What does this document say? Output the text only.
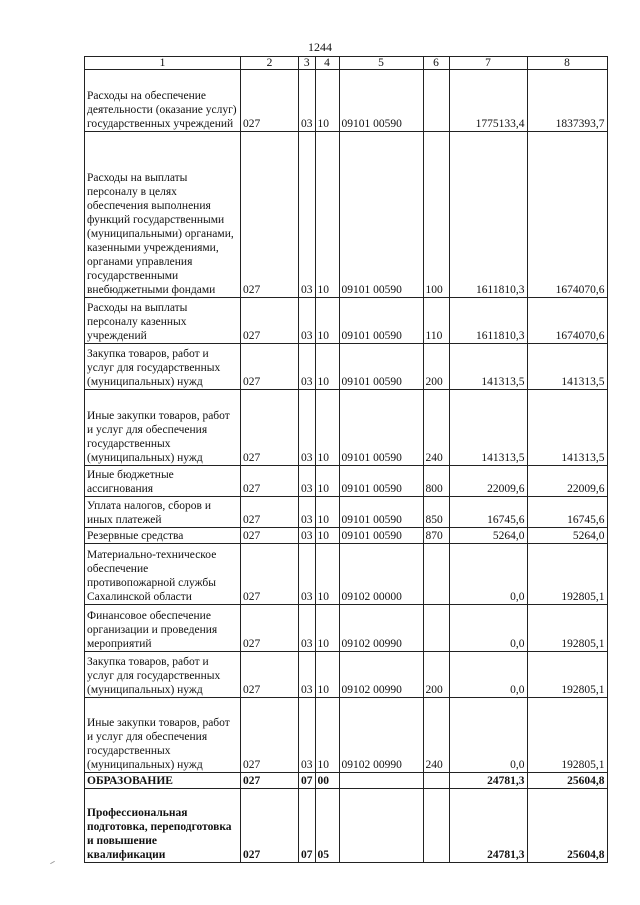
1244
1	2	3	4	5	6	7	8
Расходы на обеспечение деятельности (оказание услуг) государственных учреждений	027	03	10	09101 00590		1775133,4	1837393,7
Расходы на выплаты персоналу в целях обеспечения выполнения функций государственными (муниципальными) органами, казенными учреждениями, органами управления государственными внебюджетными фондами	027	03	10	09101 00590	100	1611810,3	1674070,6
Расходы на выплаты персоналу казенных учреждений	027	03	10	09101 00590	110	1611810,3	1674070,6
Закупка товаров, работ и услуг для государственных (муниципальных) нужд	027	03	10	09101 00590	200	141313,5	141313,5
Иные закупки товаров, работ и услуг для обеспечения государственных (муниципальных) нужд	027	03	10	09101 00590	240	141313,5	141313,5
Иные бюджетные ассигнования	027	03	10	09101 00590	800	22009,6	22009,6
Уплата налогов, сборов и иных платежей	027	03	10	09101 00590	850	16745,6	16745,6
Резервные средства	027	03	10	09101 00590	870	5264,0	5264,0
Материально-техническое обеспечение противопожарной службы Сахалинской области	027	03	10	09102 00000		0,0	192805,1
Финансовое обеспечение организации и проведения мероприятий	027	03	10	09102 00990		0,0	192805,1
Закупка товаров, работ и услуг для государственных (муниципальных) нужд	027	03	10	09102 00990	200	0,0	192805,1
Иные закупки товаров, работ и услуг для обеспечения государственных (муниципальных) нужд	027	03	10	09102 00990	240	0,0	192805,1
ОБРАЗОВАНИЕ	027	07	00			24781,3	25604,8
Профессиональная подготовка, переподготовка и повышение квалификации	027	07	05			24781,3	25604,8
